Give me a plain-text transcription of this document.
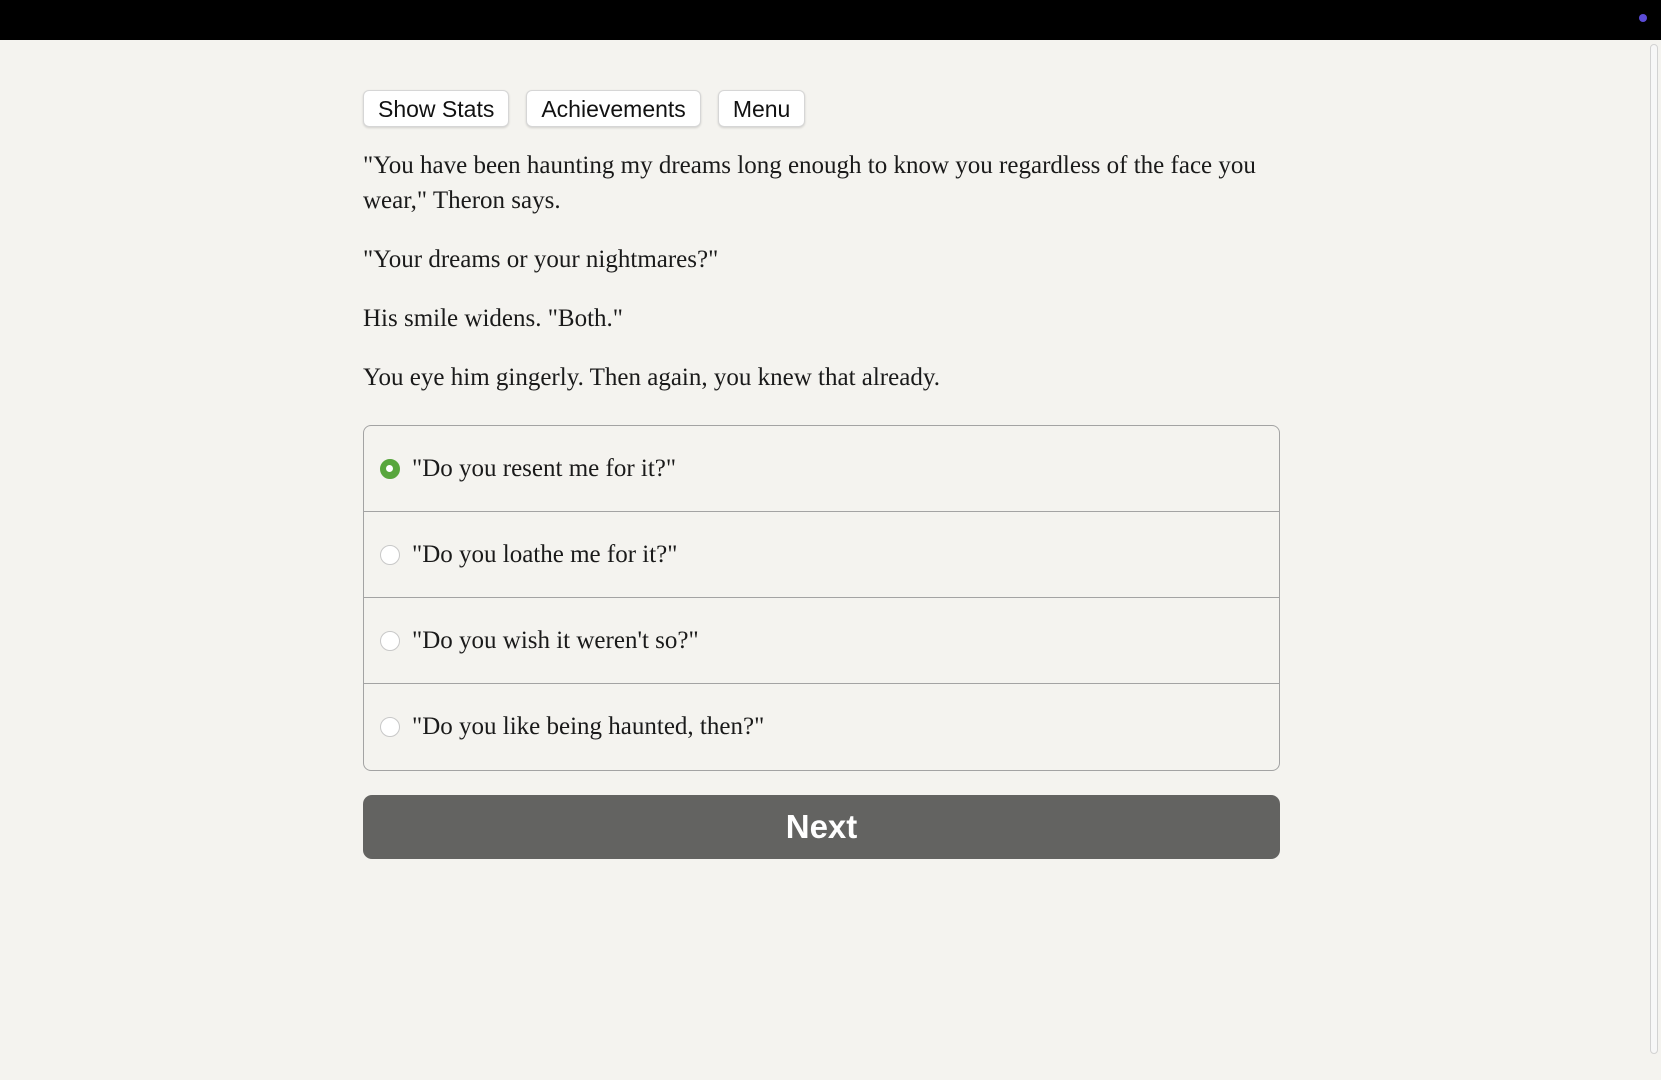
Show Stats	Achievements	Menu

"You have been haunting my dreams long enough to know you regardless of the face you wear," Theron says.

"Your dreams or your nightmares?"

His smile widens. "Both."

You eye him gingerly. Then again, you knew that already.

"Do you resent me for it?"
"Do you loathe me for it?"
"Do you wish it weren't so?"
"Do you like being haunted, then?"
Next
